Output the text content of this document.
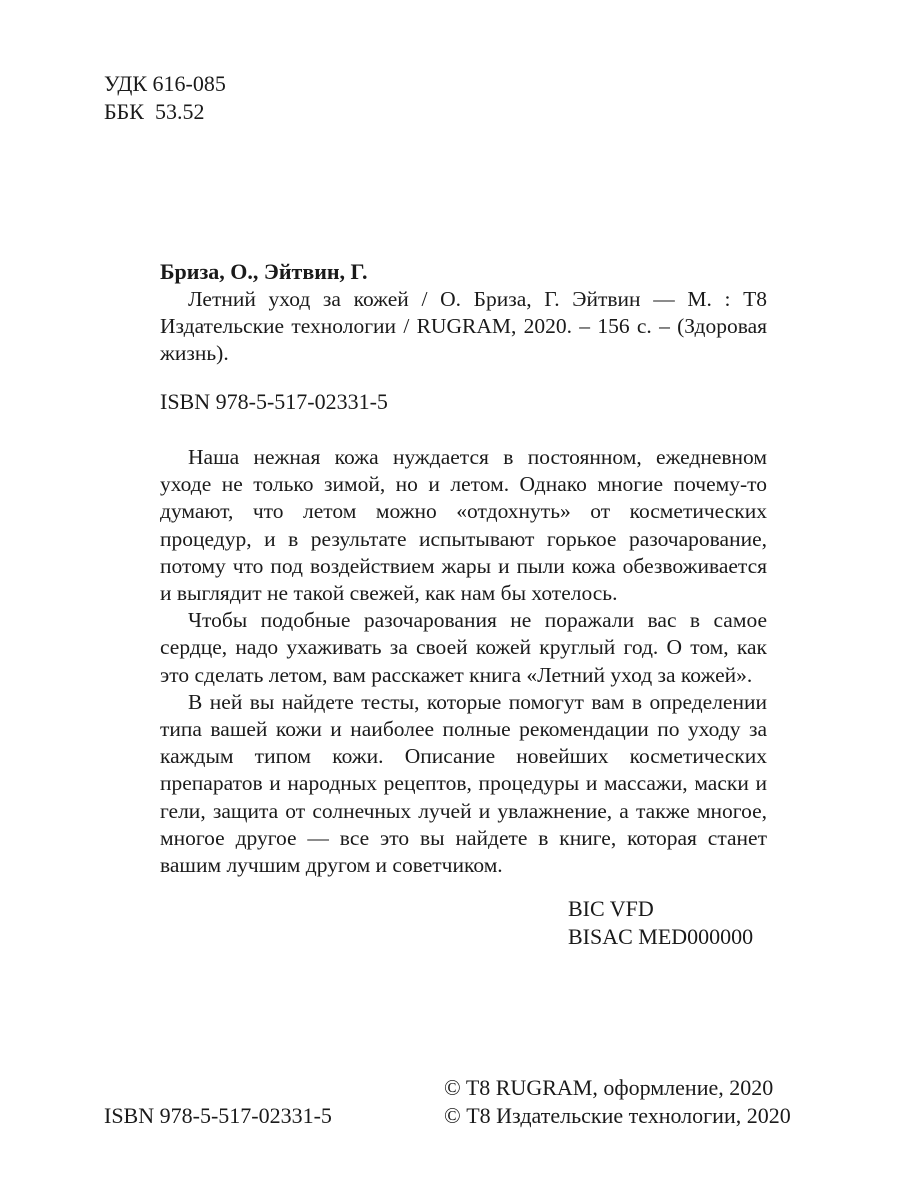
УДК 616-085
ББК  53.52
Бриза, О., Эйтвин, Г.
Летний уход за кожей / О. Бриза, Г. Эйтвин — М. : Т8 Издательские технологии / RUGRAM, 2020. – 156 с. – (Здоровая жизнь).
ISBN 978-5-517-02331-5

Наша нежная кожа нуждается в постоянном, ежедневном уходе не только зимой, но и летом. Однако многие почему-то думают, что летом можно «отдохнуть» от косметических процедур, и в результате испытывают горькое разочарование, потому что под воздействием жары и пыли кожа обезвоживается и выглядит не такой свежей, как нам бы хотелось.

Чтобы подобные разочарования не поражали вас в самое сердце, надо ухаживать за своей кожей круглый год. О том, как это сделать летом, вам расскажет книга «Летний уход за кожей».

В ней вы найдете тесты, которые помогут вам в определении типа вашей кожи и наиболее полные рекомендации по уходу за каждым типом кожи. Описание новейших косметических препаратов и народных рецептов, процедуры и массажи, маски и гели, защита от солнечных лучей и увлажнение, а также многое, многое другое — все это вы найдете в книге, которая станет вашим лучшим другом и советчиком.

BIC VFD
BISAC MED000000
© T8 RUGRAM, оформление, 2020
© Т8 Издательские технологии, 2020
ISBN 978-5-517-02331-5
